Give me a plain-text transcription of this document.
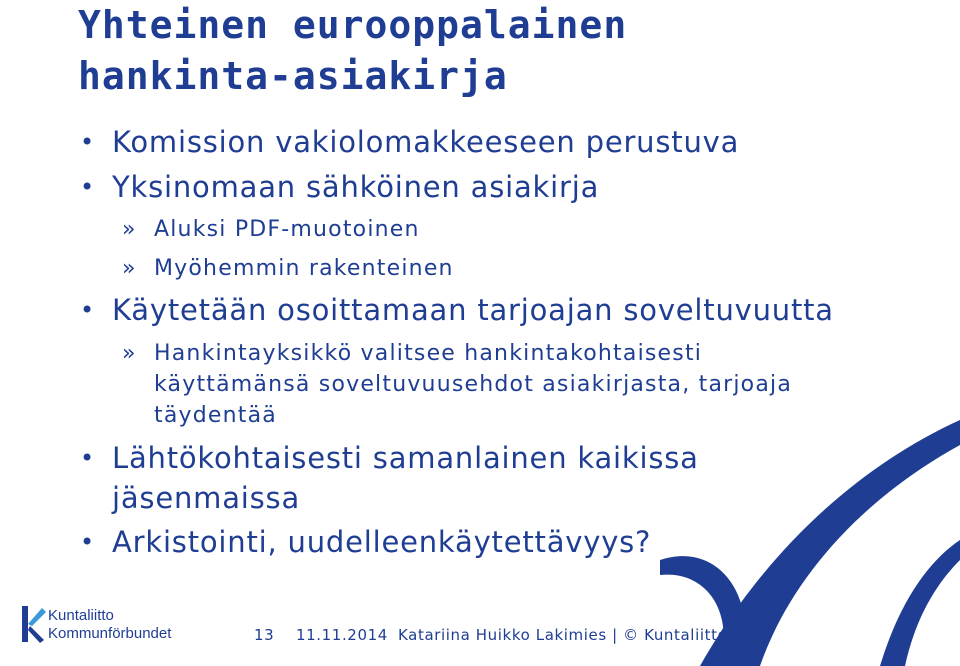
Yhteinen eurooppalainen
hankinta-asiakirja
• Komission vakiolomakkeeseen perustuva
• Yksinomaan sähköinen asiakirja
» Aluksi PDF-muotoinen
» Myöhemmin rakenteinen
• Käytetään osoittamaan tarjoajan soveltuvuutta
» Hankintayksikkö valitsee hankintakohtaisesti
käyttämänsä soveltuvuusehdot asiakirjasta, tarjoaja
täydentää
• Lähtökohtaisesti samanlainen kaikissa
jäsenmaissa
• Arkistointi, uudelleenkäytettävyys?
Kuntaliitto
Kommunförbundet	13 11.11.2014 Katariina Huikko Lakimies | © Kuntaliitto
